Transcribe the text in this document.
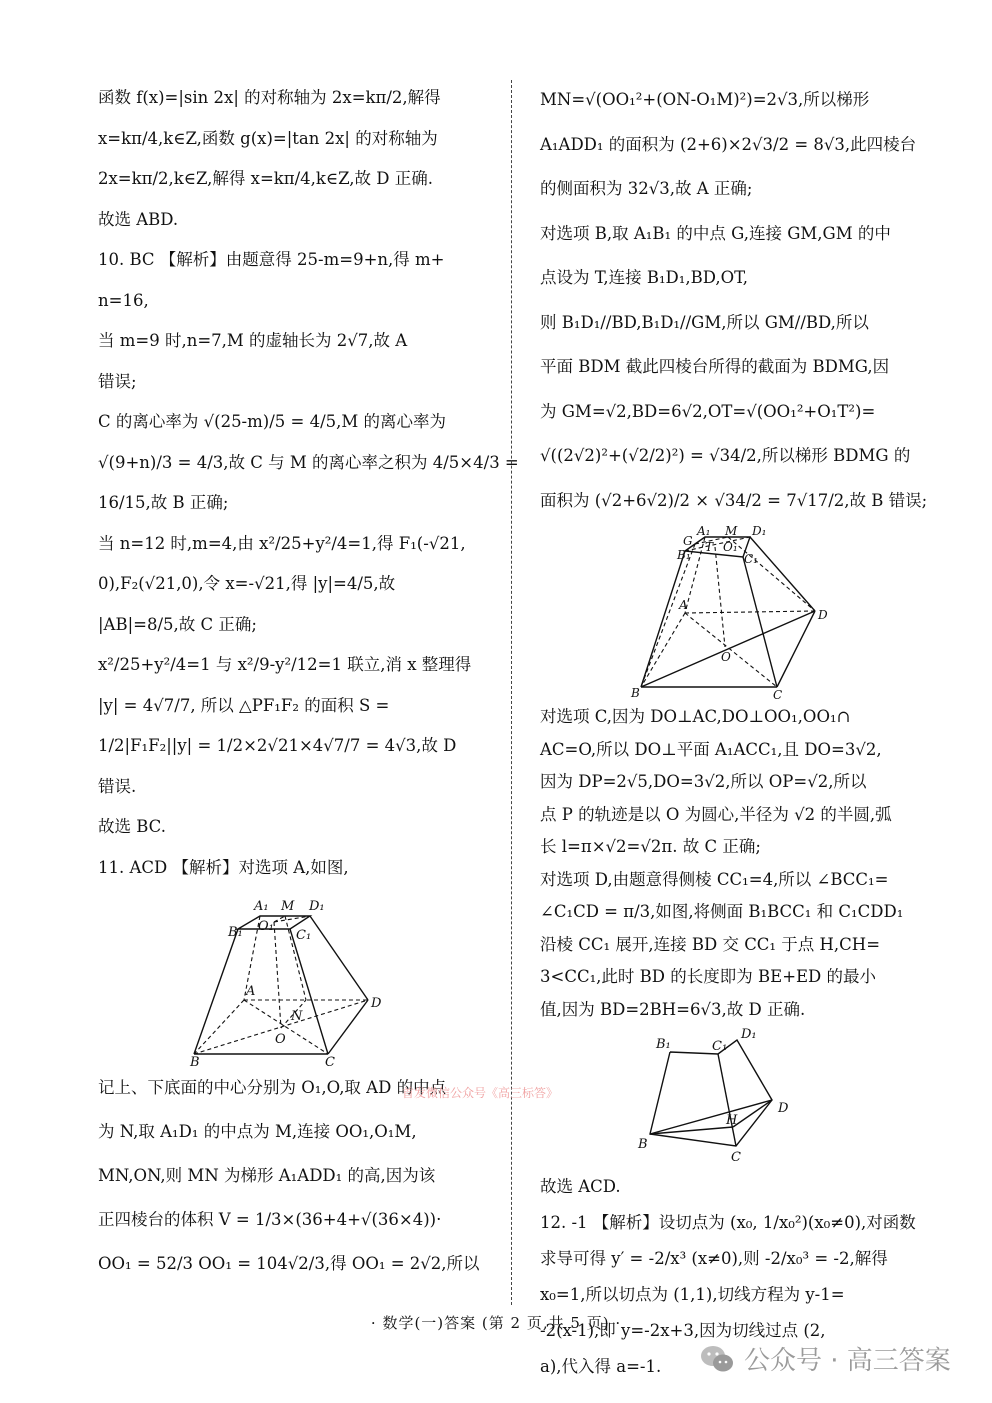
函数 f(x)=|sin 2x| 的对称轴为 2x=kπ/2,解得
x=kπ/4,k∈Z,函数 g(x)=|tan 2x| 的对称轴为
2x=kπ/2,k∈Z,解得 x=kπ/4,k∈Z,故 D 正确.
故选 ABD.
10. BC 【解析】由题意得 25-m=9+n,得 m+
n=16,
当 m=9 时,n=7,M 的虚轴长为 2√7,故 A
错误;
C 的离心率为 √(25-m)/5 = 4/5,M 的离心率为
√(9+n)/3 = 4/3,故 C 与 M 的离心率之积为 4/5×4/3 =
16/15,故 B 正确;
当 n=12 时,m=4,由 x²/25+y²/4=1,得 F₁(-√21,
0),F₂(√21,0),令 x=-√21,得 |y|=4/5,故
|AB|=8/5,故 C 正确;
x²/25+y²/4=1 与 x²/9-y²/12=1 联立,消 x 整理得
|y| = 4√7/7, 所以 △PF₁F₂ 的面积 S =
1/2|F₁F₂||y| = 1/2×2√21×4√7/7 = 4√3,故 D
错误.
故选 BC.
11. ACD 【解析】对选项 A,如图,
A₁ M D₁
B₁ O₁
C₁
A
N
D
O
B	C
记上、下底面的中心分别为 O₁,O,取 AD 的中点
为 N,取 A₁D₁ 的中点为 M,连接 OO₁,O₁M,
MN,ON,则 MN 为梯形 A₁ADD₁ 的高,因为该
正四棱台的体积 V = 1/3×(36+4+√(36×4))·
OO₁ = 52/3 OO₁ = 104√2/3,得 OO₁ = 2√2,所以
MN=√(OO₁²+(ON-O₁M)²)=2√3,所以梯形
A₁ADD₁ 的面积为 (2+6)×2√3/2 = 8√3,此四棱台
的侧面积为 32√3,故 A 正确;
对选项 B,取 A₁B₁ 的中点 G,连接 GM,GM 的中
点设为 T,连接 B₁D₁,BD,OT,
则 B₁D₁//BD,B₁D₁//GM,所以 GM//BD,所以
平面 BDM 截此四棱台所得的截面为 BDMG,因
为 GM=√2,BD=6√2,OT=√(OO₁²+O₁T²)=
√((2√2)²+(√2/2)²) = √34/2,所以梯形 BDMG 的
面积为 (√2+6√2)/2 × √34/2 = 7√17/2,故 B 错误;
A₁ M D₁
G
B₁
T O₁
C₁
A
D
O
B	C
对选项 C,因为 DO⊥AC,DO⊥OO₁,OO₁∩
AC=O,所以 DO⊥平面 A₁ACC₁,且 DO=3√2,
因为 DP=2√5,DO=3√2,所以 OP=√2,所以
点 P 的轨迹是以 O 为圆心,半径为 √2 的半圆,弧
长 l=π×√2=√2π. 故 C 正确;
对选项 D,由题意得侧棱 CC₁=4,所以 ∠BCC₁=
∠C₁CD = π/3,如图,将侧面 B₁BCC₁ 和 C₁CDD₁
沿棱 CC₁ 展开,连接 BD 交 CC₁ 于点 H,CH=
3<CC₁,此时 BD 的长度即为 BE+ED 的最小
值,因为 BD=2BH=6√3,故 D 正确.
D₁
B₁	C₁
H
D
B
C
故选 ACD.
12. -1 【解析】设切点为 (x₀, 1/x₀²)(x₀≠0),对函数
求导可得 y′ = -2/x³ (x≠0),则 -2/x₀³ = -2,解得
x₀=1,所以切点为 (1,1),切线方程为 y-1=
-2(x-1),即 y=-2x+3,因为切线过点 (2,
a),代入得 a=-1.
首发微信公众号《高三标答》
· 数学(一)答案 (第 2 页,共 5 页) ·
公众号 · 高三答案
